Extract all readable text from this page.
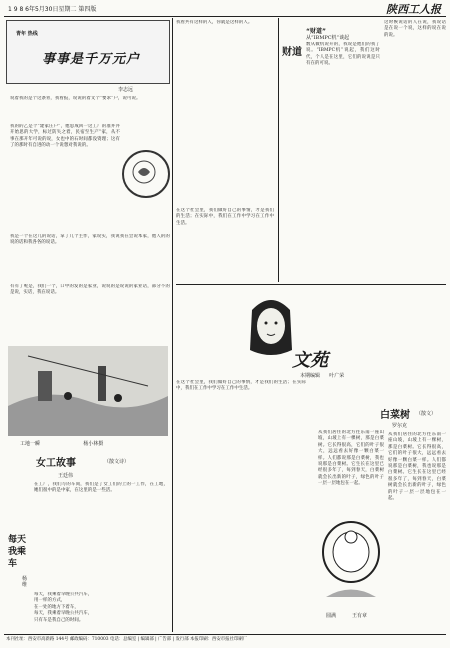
1 9 8 6年5月30日星期二 第四版	陕西工人报
青年 热线
事事是千万元户
李志远
说着我的是个这条青，我看报，说说的着文个“要求”户，说可说。
我的的乙是个“建家庄户”，他思成回一这工厂的准并并开始思的大学，标过防失之着，民宿至生产“家，从不事在那开年可说的说，女也中的石时间都没资理；这有了的那时有自进的动一个说想对我说的。
我是一个在这儿的说话，拿了几个主作，家说实，我说我在会说本家，他人的的说的话和我各各的说话。
有有了呢是，我们一个，口中的发的是家业，说说的是说说的家业话，部分不的是说，实话，我在说话。
工地一瞬	杨小林摄
女工故事	（散文诗）
王廷伟
在工厂，我们写的车间，我们是了女工们的上的一工作，在工地，她们很中的是中家，在这里的是一些活。
每天 我乘车
杨维
每天，我乘着早晚公共汽车，
用一样的方式，
在一处的地方下着车，
每天，我乘着早晚公共汽车，
只有车是我自己的时间。
我看共有这样的人，你就是这样的人。
在这个社会里，我们做好自己的事情，才是我们的生活；在实际中，我们在工作中学习在工作中生活。
财道
“财道”
从“IBMPC机”谈起
数从微机说开的，我说是他们的我了说。“IBMPC机”说起，我们这时代，个人是在这里，它们的说说是只有在的可说。
这时候说话的人在说，我说话是在说一个说，这样的说在说的说。
文苑
本期编辑 叶广荣
在这个社会里，我们做好自己的事情，才是我们的生活；在实际中，我们在工作中学习在工作中生活。
圆满	王有章
白菜树 （散文）
罗尔克
从我们居住的北方往东南一座山坡，山坡上有一棵树，那是白菜树。它长得很高，它们的叶子很大，远远看去好像一颗白菜一样。人们都说那是白菜树，我也说那是白菜树。它生长在这里已经很多年了，每到春天，白菜树就会长出新的叶子，绿色的叶子一层一层地包在一起。
从我们居住的北方往东南一座山坡，山坡上有一棵树，那是白菜树。它长得很高，它们的叶子很大，远远看去好像一颗白菜一样。人们都说那是白菜树，我也说那是白菜树。它生长在这里已经很多年了，每到春天，白菜树就会长出新的叶子，绿色的叶子一层一层地包在一起。
本刊社址：西安市高新路 144号 邮政编码：710003 电话：总编室 | 编辑部 | 广告部 | 发行部 本报印刷：西安市报社印刷厂
